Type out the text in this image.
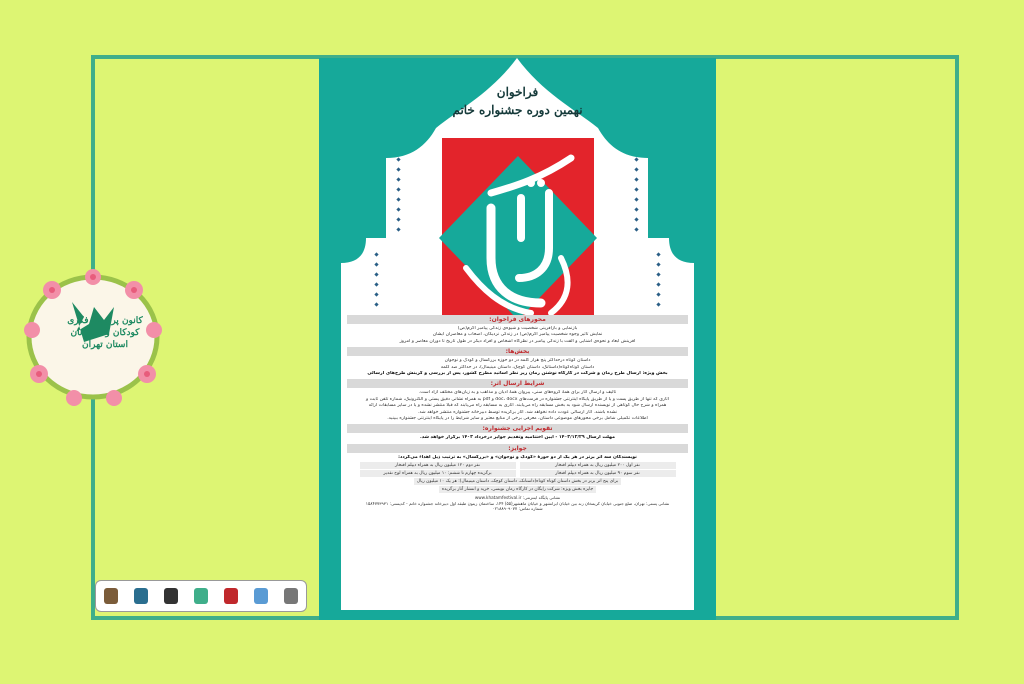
فراخوان
نهمین دوره جشنواره خاتم
محورهای فراخوان:
بازنمایی و بازآفرینی شخصیت و شیوه‌ی زندگی پیامبر اکرم(ص)
نمایش تأثیر وجوه شخصیت پیامبر اکرم(ص) در زندگی نزدیکان، اصحاب و معاصران ایشان
آفرینش ابعاد و نحوه‌ی آشنایی و الفت با زندگی پیامبر در نظرگاه اشخاص و افراد دیگر در طول تاریخ تا دوران معاصر و امروز
بخش‌ها:
داستان کوتاه درحداکثر پنج هزار کلمه در دو حوزه بزرگسال و کودک و نوجوان
داستان کوتاه‌کوتاه(داستانک، داستان کوچک، داستان مینیمال)، در حداکثر صد کلمه
بخش ویژه: ارسال طرح رمان و شرکت در کارگاه نوشتن رمان زیر نظر اساتید مطرح کشور، پس از بررسی و گزینش طرح‌های ارسالی
شرایط ارسال اثر:
تألیف و ارسال آثار برای همهٔ گروه‌های سنی، پیروان همهٔ ادیان و مذاهب و به زبان‌های مختلف آزاد است.
آثاری که تنها از طریق پست و یا از طریق پایگاه اینترنتی جشنواره در فرمت‌های doc، docx و pdf به همراه نشانی دقیق پستی و الکترونیک، شماره تلفن ثابت و
همراه و شرح حال کوتاهی از نویسنده ارسال شود به بخش مسابقه راه می‌یابند. آثاری به مسابقه راه می‌یابند که قبلاً منتشر نشده و یا در سایر مسابقات ارائه
نشده باشند. آثار ارسالی عودت داده نخواهد شد. آثار برگزیده توسط دبیرخانه جشنواره منتشر خواهد شد.
اطلاعات تکمیلی شامل برخی محورهای موضوعی داستان، معرفی برخی از منابع معتبر و سایر شرایط را در پایگاه اینترنتی جشنواره ببینید.
تقویم اجرایی جشنواره:
مهلت ارسال ۱۴۰۳/۱۲/۲۹ - آیین اختتامیه وتقدیم جوایز درخرداد ۱۴۰۳ برگزار خواهد شد.
جوایز:
نویسندگان سه اثر برتر در هر یک از دو حوزهٔ «کودک و نوجوان» و «بزرگسال» به ترتیب ذیل اهداء می‌گردد:
نفر اول ۲۰۰ میلیون ریال به همراه دیپلم افتخار
نفر دوم ۱۲۰ میلیون ریال به همراه دیپلم افتخار
نفر سوم ۹۰ میلیون ریال به همراه دیپلم افتخار
برگزیده چهارم تا ششم: ۱۰ میلیون ریال به همراه لوح تقدیر
برای پنج اثر برتر در بخش داستان کوتاه کوتاه(داستانک، داستان کوچک، داستان مینیمال): هر یک ۱۰ میلیون ریال
جایزه بخش ویژه: شرکت رایگان در کارگاه رمان نویسی، خرید و انتشار آثار برگزیده
نشانی پایگاه اینترنتی: www.khatamfestival.ir
نشانی پستی: تهران، ضلع جنوبی خیابان کریمخان زند بین خیابان ایرانشهر و خیابان ماهشهر(۵۵) ۱۴۴، ساختمان زیتون طبقه اول دبیرخانه جشنواره خاتم - کدپستی: ۱۵۸۴۷۷۳۹۳۱
شماره تماس: ۰۲۱۸۸۹۰۹۰۷۷
کانون پرورش فکری
کودکان و نوجوانان
استان تهران
